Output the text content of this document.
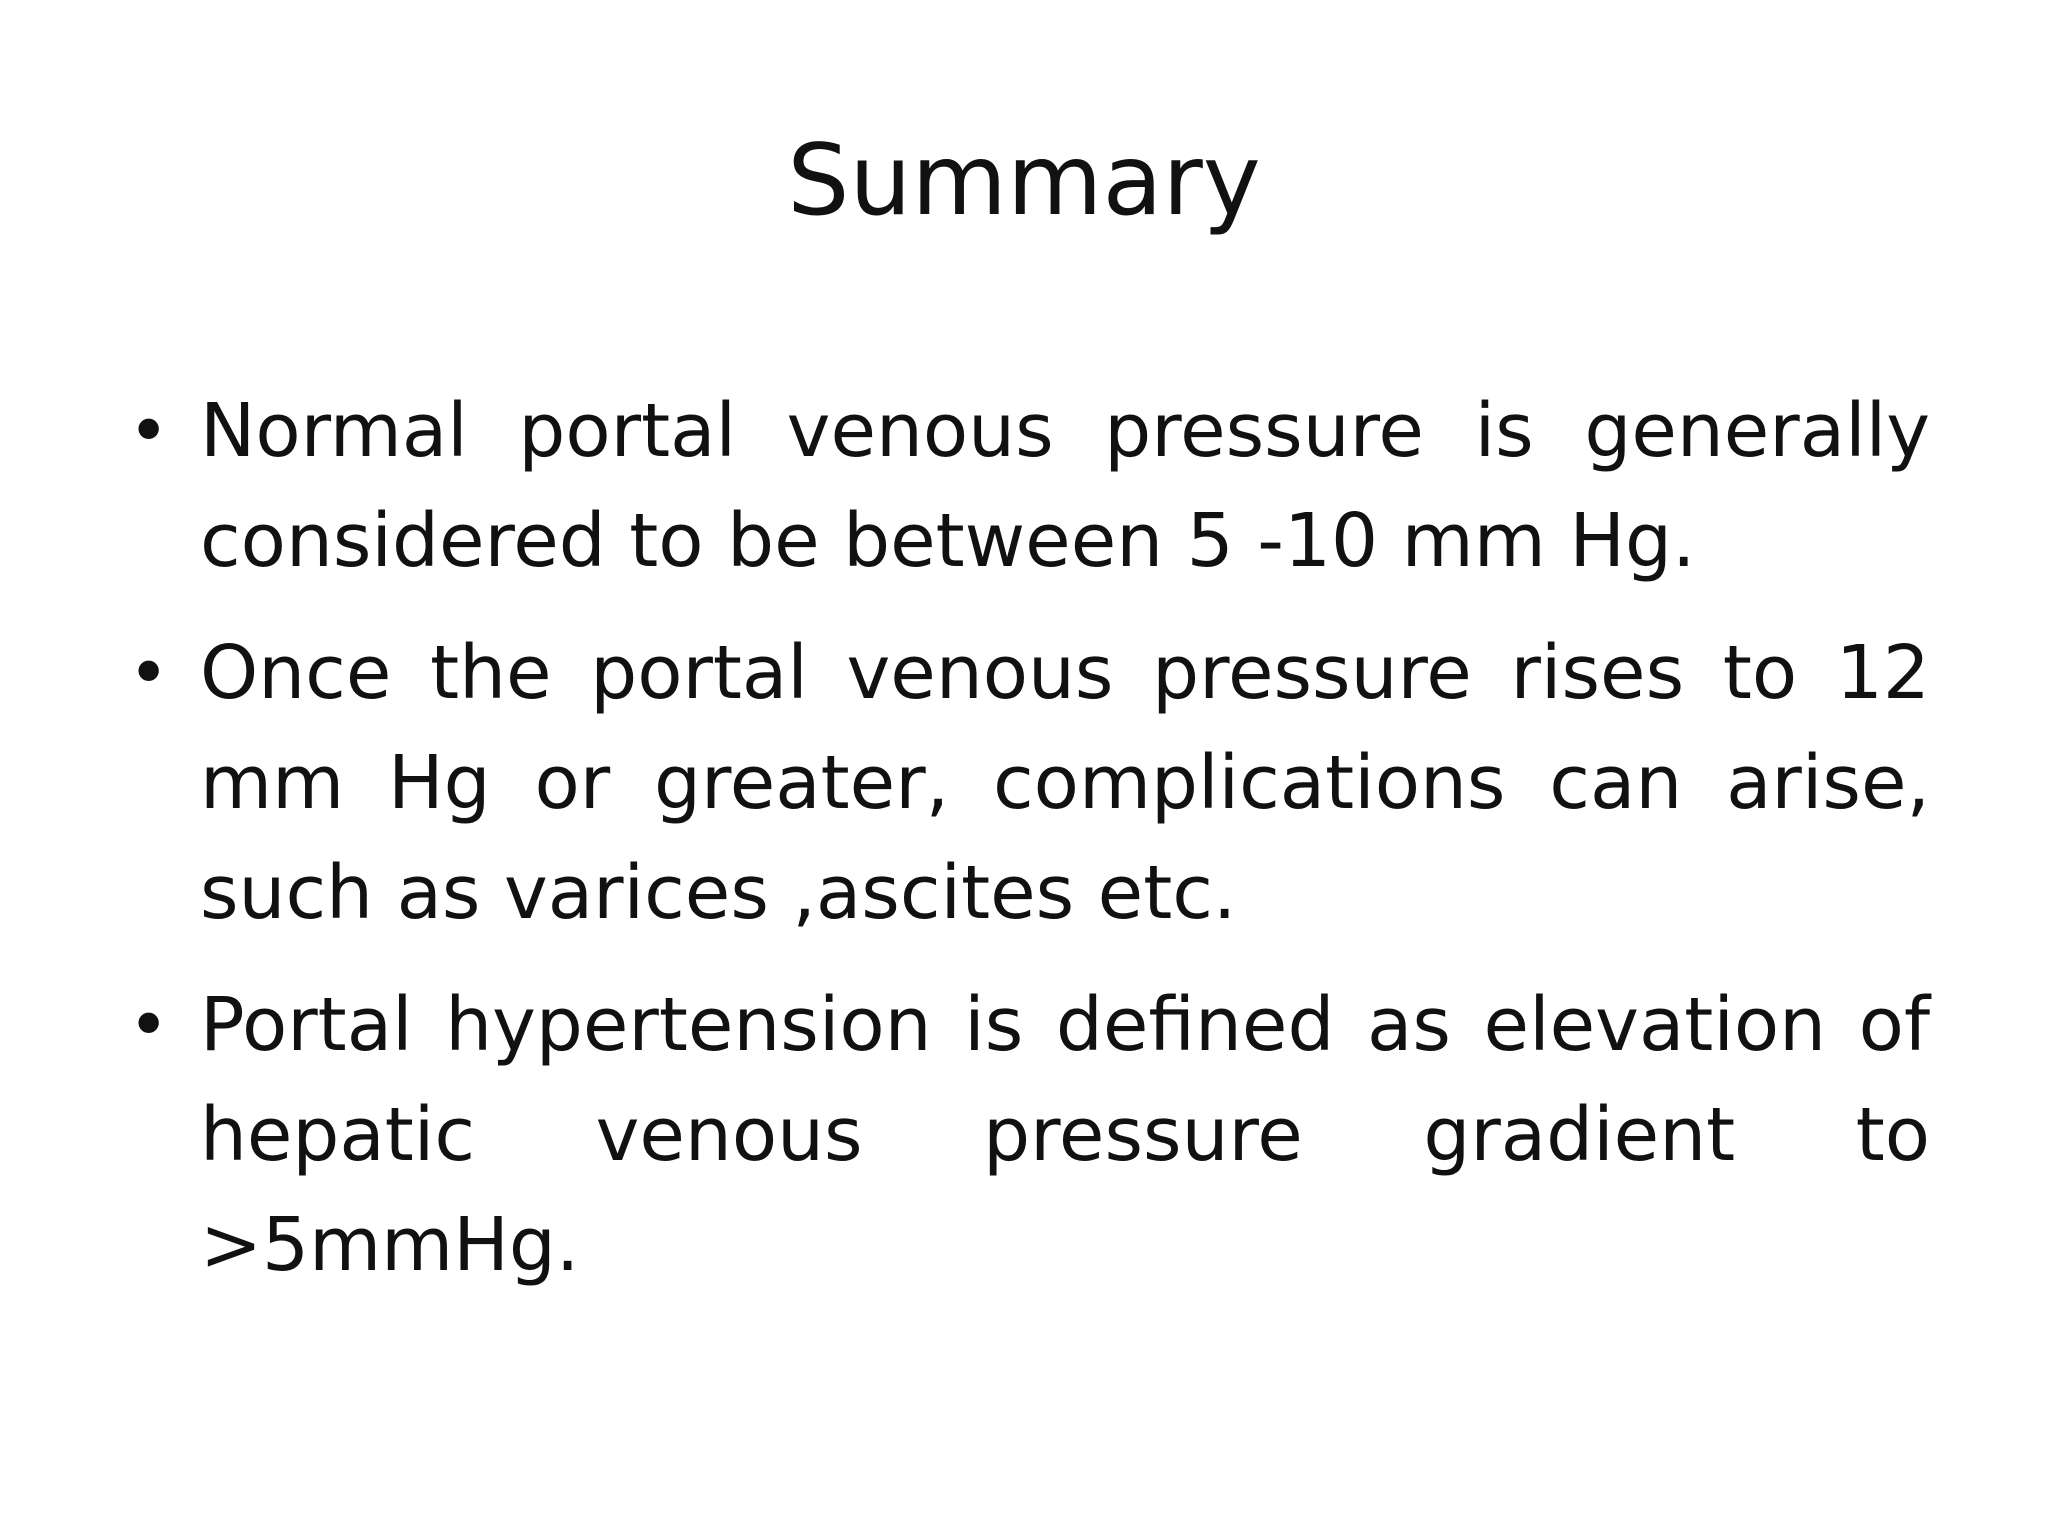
Summary
• Normal portal venous pressure is generally considered to be between 5 -10 mm Hg.
• Once the portal venous pressure rises to 12 mm Hg or greater, complications can arise, such as varices ,ascites etc.
• Portal hypertension is defined as elevation of hepatic venous pressure gradient to >5mmHg.
